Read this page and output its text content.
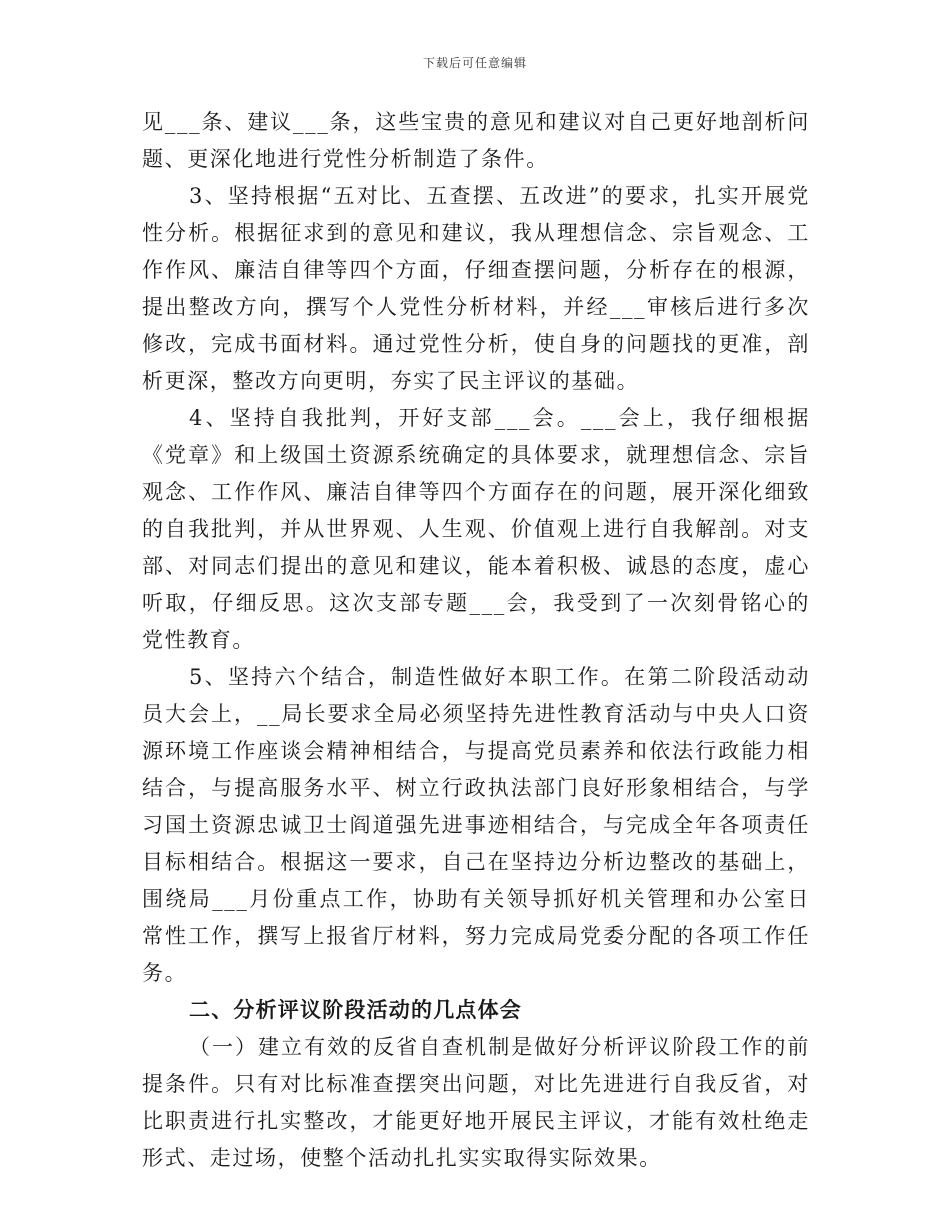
下载后可任意编辑

见___条、建议___条，这些宝贵的意见和建议对自己更好地剖析问题、更深化地进行党性分析制造了条件。

3、坚持根据“五对比、五查摆、五改进”的要求，扎实开展党性分析。根据征求到的意见和建议，我从理想信念、宗旨观念、工作作风、廉洁自律等四个方面，仔细查摆问题，分析存在的根源，提出整改方向，撰写个人党性分析材料，并经___审核后进行多次修改，完成书面材料。通过党性分析，使自身的问题找的更准，剖析更深，整改方向更明，夯实了民主评议的基础。

4、坚持自我批判，开好支部___会。___会上，我仔细根据《党章》和上级国土资源系统确定的具体要求，就理想信念、宗旨观念、工作作风、廉洁自律等四个方面存在的问题，展开深化细致的自我批判，并从世界观、人生观、价值观上进行自我解剖。对支部、对同志们提出的意见和建议，能本着积极、诚恳的态度，虚心听取，仔细反思。这次支部专题___会，我受到了一次刻骨铭心的党性教育。

5、坚持六个结合，制造性做好本职工作。在第二阶段活动动员大会上，__局长要求全局必须坚持先进性教育活动与中央人口资源环境工作座谈会精神相结合，与提高党员素养和依法行政能力相结合，与提高服务水平、树立行政执法部门良好形象相结合，与学习国土资源忠诚卫士阎道强先进事迹相结合，与完成全年各项责任目标相结合。根据这一要求，自己在坚持边分析边整改的基础上，围绕局___月份重点工作，协助有关领导抓好机关管理和办公室日常性工作，撰写上报省厅材料，努力完成局党委分配的各项工作任务。

二、分析评议阶段活动的几点体会

（一）建立有效的反省自查机制是做好分析评议阶段工作的前提条件。只有对比标准查摆突出问题，对比先进进行自我反省，对比职责进行扎实整改，才能更好地开展民主评议，才能有效杜绝走形式、走过场，使整个活动扎扎实实取得实际效果。
